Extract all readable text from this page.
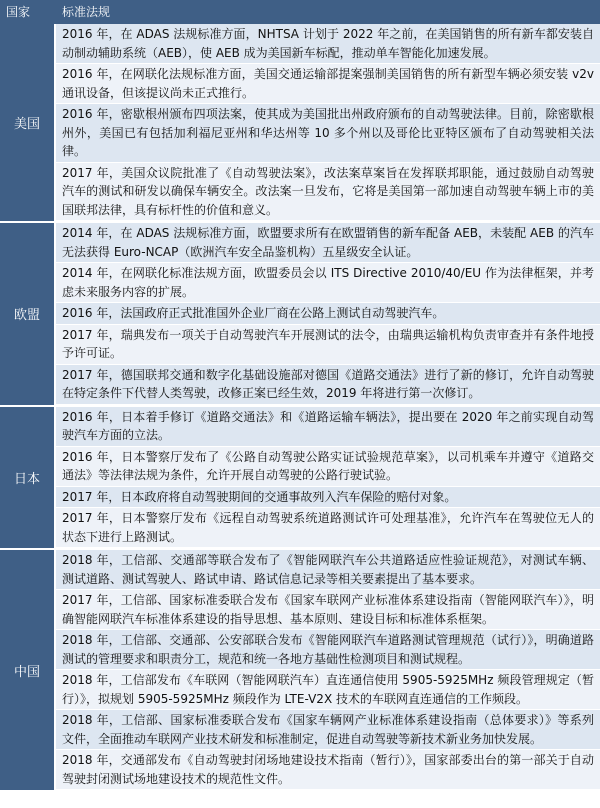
国家	标准法规
美国
2016 年，在 ADAS 法规标准方面，NHTSA 计划于 2022 年之前，在美国销售的所有新车都安装自动制动辅助系统（AEB），使 AEB 成为美国新车标配，推动单车智能化加速发展。
2016 年，在网联化法规标准方面，美国交通运输部提案强制美国销售的所有新型车辆必须安装 v2v 通讯设备，但该提议尚未正式推行。
2016 年，密歇根州颁布四项法案，使其成为美国批出州政府颁布的自动驾驶法律。目前，除密歇根州外，美国已有包括加利福尼亚州和华达州等 10 多个州以及哥伦比亚特区颁布了自动驾驶相关法律。
2017 年，美国众议院批准了《自动驾驶法案》，改法案草案旨在发挥联邦职能，通过鼓励自动驾驶汽车的测试和研发以确保车辆安全。改法案一旦发布，它将是美国第一部加速自动驾驶车辆上市的美国联邦法律，具有标杆性的价值和意义。
欧盟
2014 年，在 ADAS 法规标准方面，欧盟要求所有在欧盟销售的新车配备 AEB，未装配 AEB 的汽车无法获得 Euro-NCAP（欧洲汽车安全品鉴机构）五星级安全认证。
2014 年，在网联化标准法规方面，欧盟委员会以 ITS Directive 2010/40/EU 作为法律框架，并考虑未来服务内容的扩展。
2016 年，法国政府正式批准国外企业厂商在公路上测试自动驾驶汽车。
2017 年，瑞典发布一项关于自动驾驶汽车开展测试的法令，由瑞典运输机构负责审查并有条件地授予许可证。
2017 年，德国联邦交通和数字化基础设施部对德国《道路交通法》进行了新的修订，允许自动驾驶在特定条件下代替人类驾驶，改修正案已经生效，2019 年将进行第一次修订。
日本
2016 年，日本着手修订《道路交通法》和《道路运输车辆法》，提出要在 2020 年之前实现自动驾驶汽车方面的立法。
2016 年，日本警察厅发布了《公路自动驾驶公路实证试验规范草案》，以司机乘车并遵守《道路交通法》等法律法规为条件，允许开展自动驾驶的公路行驶试验。
2017 年，日本政府将自动驾驶期间的交通事故列入汽车保险的赔付对象。
2017 年，日本警察厅发布《远程自动驾驶系统道路测试许可处理基准》，允许汽车在驾驶位无人的状态下进行上路测试。
中国
2018 年，工信部、交通部等联合发布了《智能网联汽车公共道路适应性验证规范》，对测试车辆、测试道路、测试驾驶人、路试申请、路试信息记录等相关要素提出了基本要求。
2017 年，工信部、国家标准委联合发布《国家车联网产业标准体系建设指南（智能网联汽车）》，明确智能网联汽车标准体系建设的指导思想、基本原则、建设目标和标准体系框架。
2018 年，工信部、交通部、公安部联合发布《智能网联汽车道路测试管理规范（试行）》，明确道路测试的管理要求和职责分工，规范和统一各地方基础性检测项目和测试规程。
2018 年，工信部发布《车联网（智能网联汽车）直连通信使用 5905-5925MHz 频段管理规定（暂行）》，拟规划 5905-5925MHz 频段作为 LTE-V2X 技术的车联网直连通信的工作频段。
2018 年，工信部、国家标准委联合发布《国家车辆网产业标准体系建设指南（总体要求）》等系列文件，全面推动车联网产业技术研发和标准制定，促进自动驾驶等新技术新业务加快发展。
2018 年，交通部发布《自动驾驶封闭场地建设技术指南（暂行）》，国家部委出台的第一部关于自动驾驶封闭测试场地建设技术的规范性文件。
